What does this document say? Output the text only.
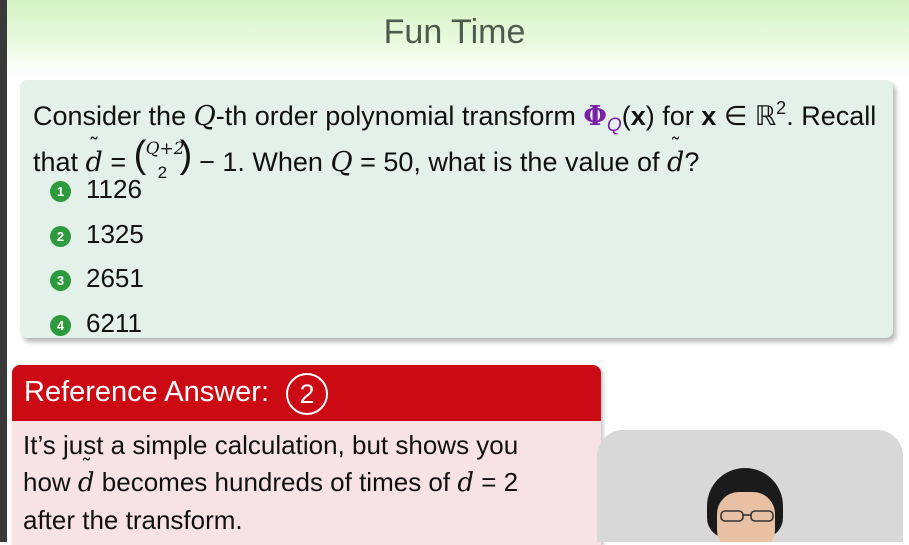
Fun Time
Consider the Q-th order polynomial transform $\Phi_Q(x)$ for x ∈ ℝ$^2$. Recall
that ˜ d = ( Q+2
2 ) − 1. When Q = 50, what is the value of ˜ d?
1 1126
2 1325
3 2651
4 6211
Reference Answer:	2
It’s just a simple calculation, but shows you
how ˜ d becomes hundreds of times of d = 2
after the transform.
